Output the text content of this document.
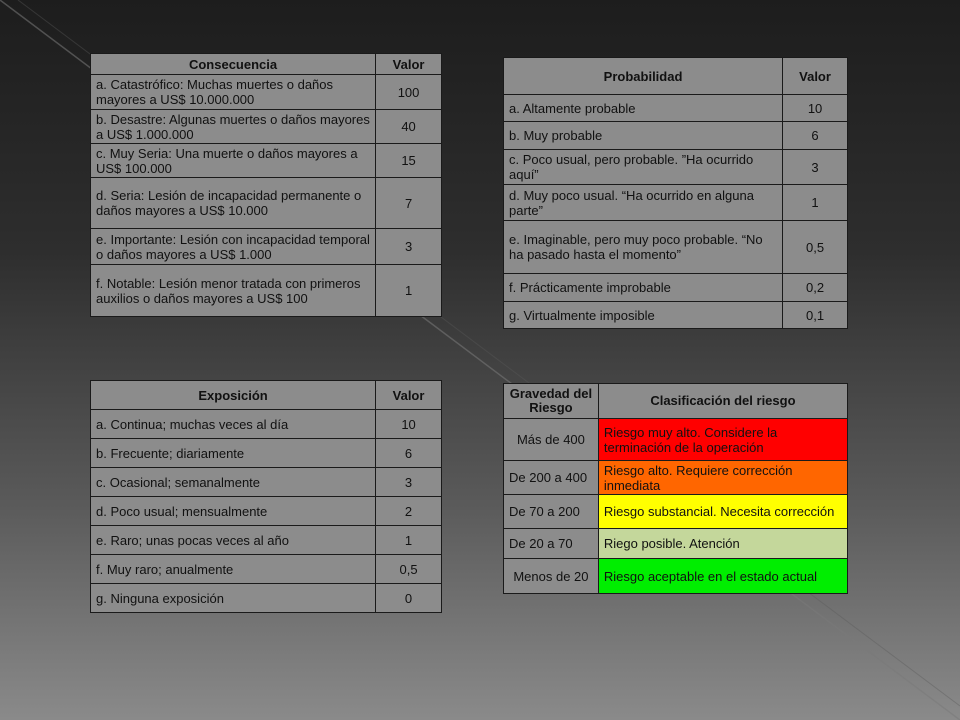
Consecuencia	Valor
a. Catastrófico: Muchas muertes o daños mayores a US$ 10.000.000	100
b. Desastre: Algunas muertes o daños mayores a US$ 1.000.000	40
c. Muy Seria: Una muerte o daños mayores a US$ 100.000	15
d. Seria: Lesión de incapacidad permanente o daños mayores a US$ 10.000	7
e. Importante: Lesión con incapacidad temporal o daños mayores a US$ 1.000	3
f. Notable: Lesión menor tratada con primeros auxilios o daños mayores a US$ 100	1
Probabilidad	Valor
a. Altamente probable	10
b. Muy probable	6
c. Poco usual, pero probable. ”Ha ocurrido aquí”	3
d. Muy poco usual. “Ha ocurrido en alguna parte”	1
e. Imaginable, pero muy poco probable. “No ha pasado hasta el momento”	0,5
f. Prácticamente improbable	0,2
g. Virtualmente imposible	0,1
Exposición	Valor
a. Continua; muchas veces al día	10
b. Frecuente; diariamente	6
c. Ocasional; semanalmente	3
d. Poco usual; mensualmente	2
e. Raro; unas pocas veces al año	1
f. Muy raro; anualmente	0,5
g. Ninguna exposición	0
Gravedad del Riesgo	Clasificación del riesgo
Más de 400	Riesgo muy alto. Considere la terminación de la operación
De 200 a 400	Riesgo alto. Requiere corrección inmediata
De 70 a 200	Riesgo substancial. Necesita corrección
De 20 a 70	Riego posible. Atención
Menos de 20	Riesgo aceptable en el estado actual
